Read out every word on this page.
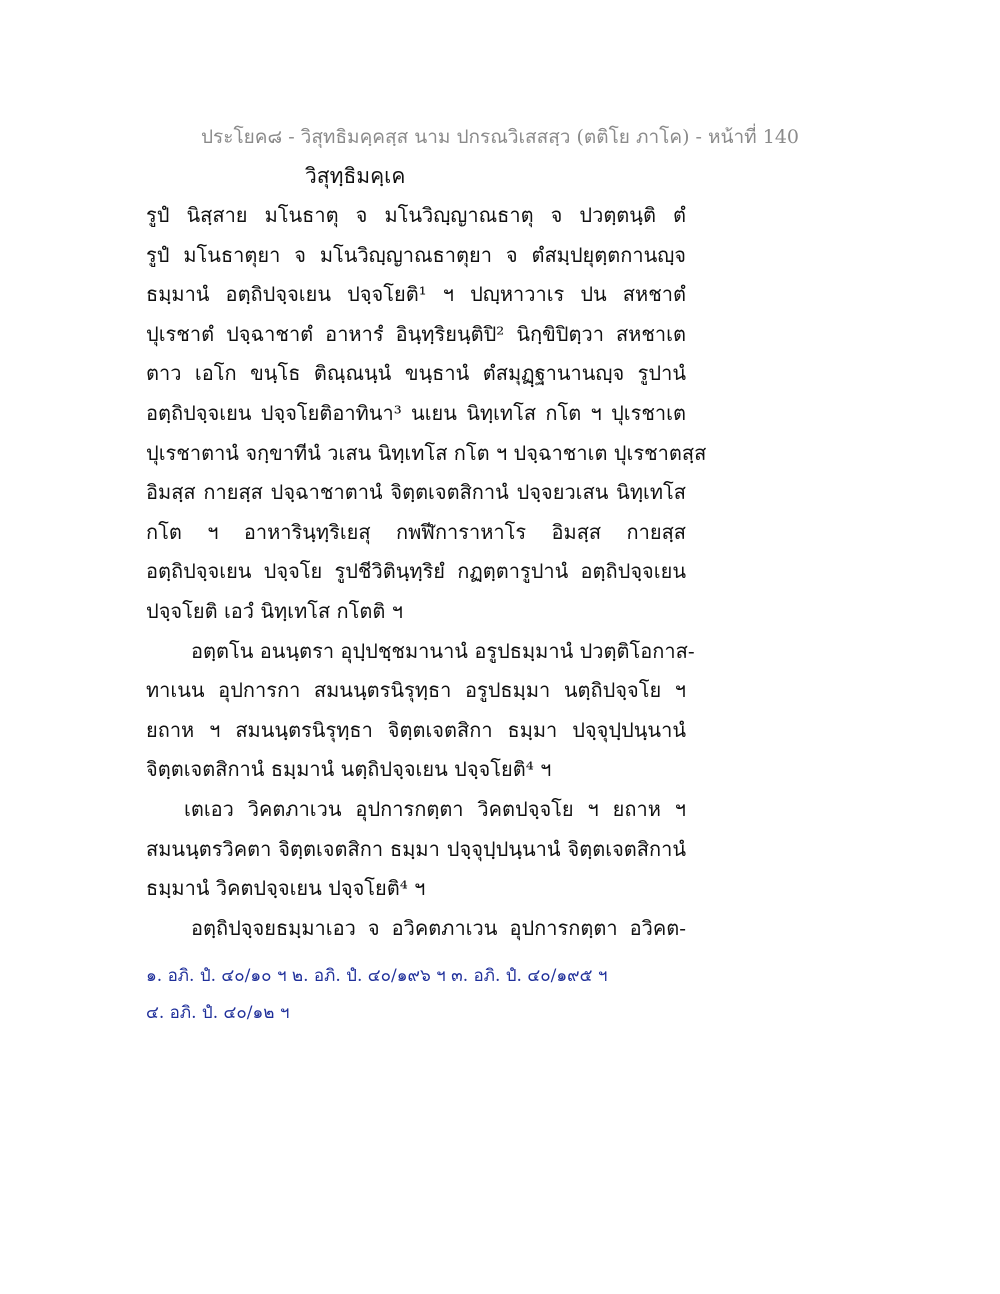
ประโยค๘ - วิสุทธิมคฺคสฺส นาม ปกรณวิเสสสฺว (ตติโย ภาโค) - หน้าที่ 140
วิสุทฺธิมคฺเค
รูปํ นิสฺสาย มโนธาตุ จ มโนวิญฺญาณธาตุ จ ปวตฺตนฺติ ตํ
รูปํ มโนธาตุยา จ มโนวิญฺญาณธาตุยา จ ตํสมฺปยุตฺตกานญฺจ
ธมฺมานํ อตฺถิปจฺจเยน ปจฺจโยติ¹ ฯ ปญฺหาวาเร ปน สหชาตํ
ปุเรชาตํ ปจฺฉาชาตํ อาหารํ อินฺทฺริยนฺติปิ² นิกฺขิปิตฺวา สหชาเต
ตาว เอโก ขนฺโธ ติณฺณนฺนํ ขนฺธานํ ตํสมุฏฺฐานานญฺจ รูปานํ
อตฺถิปจฺจเยน ปจฺจโยติอาทินา³ นเยน นิทฺเทโส กโต ฯ ปุเรชาเต
ปุเรชาตานํ จกฺขาทีนํ วเสน นิทฺเทโส กโต ฯ ปจฺฉาชาเต ปุเรชาตสฺส
อิมสฺส กายสฺส ปจฺฉาชาตานํ จิตฺตเจตสิกานํ ปจฺจยวเสน นิทฺเทโส
กโต ฯ อาหารินฺทฺริเยสุ กพฬีการาหาโร อิมสฺส กายสฺส
อตฺถิปจฺจเยน ปจฺจโย รูปชีวิตินฺทฺริยํ กฏตฺตารูปานํ อตฺถิปจฺจเยน
ปจฺจโยติ เอวํ นิทฺเทโส กโตติ ฯ
อตฺตโน อนนฺตรา อุปฺปชฺชมานานํ อรูปธมฺมานํ ปวตฺติโอกาส-
ทาเนน อุปการกา สมนนฺตรนิรุทฺธา อรูปธมฺมา นตฺถิปจฺจโย ฯ
ยถาห ฯ สมนนฺตรนิรุทฺธา จิตฺตเจตสิกา ธมฺมา ปจฺจุปฺปนฺนานํ
จิตฺตเจตสิกานํ ธมฺมานํ นตฺถิปจฺจเยน ปจฺจโยติ⁴ ฯ
เตเอว วิคตภาเวน อุปการกตฺตา วิคตปจฺจโย ฯ ยถาห ฯ
สมนนฺตรวิคตา จิตฺตเจตสิกา ธมฺมา ปจฺจุปฺปนฺนานํ จิตฺตเจตสิกานํ
ธมฺมานํ วิคตปจฺจเยน ปจฺจโยติ⁴ ฯ
อตฺถิปจฺจยธมฺมาเอว จ อวิคตภาเวน อุปการกตฺตา อวิคต-
๑. อภิ. ปํ. ๔๐/๑๐ ฯ ๒. อภิ. ปํ. ๔๐/๑๙๖ ฯ ๓. อภิ. ปํ. ๔๐/๑๙๕ ฯ
๔. อภิ. ปํ. ๔๐/๑๒ ฯ
